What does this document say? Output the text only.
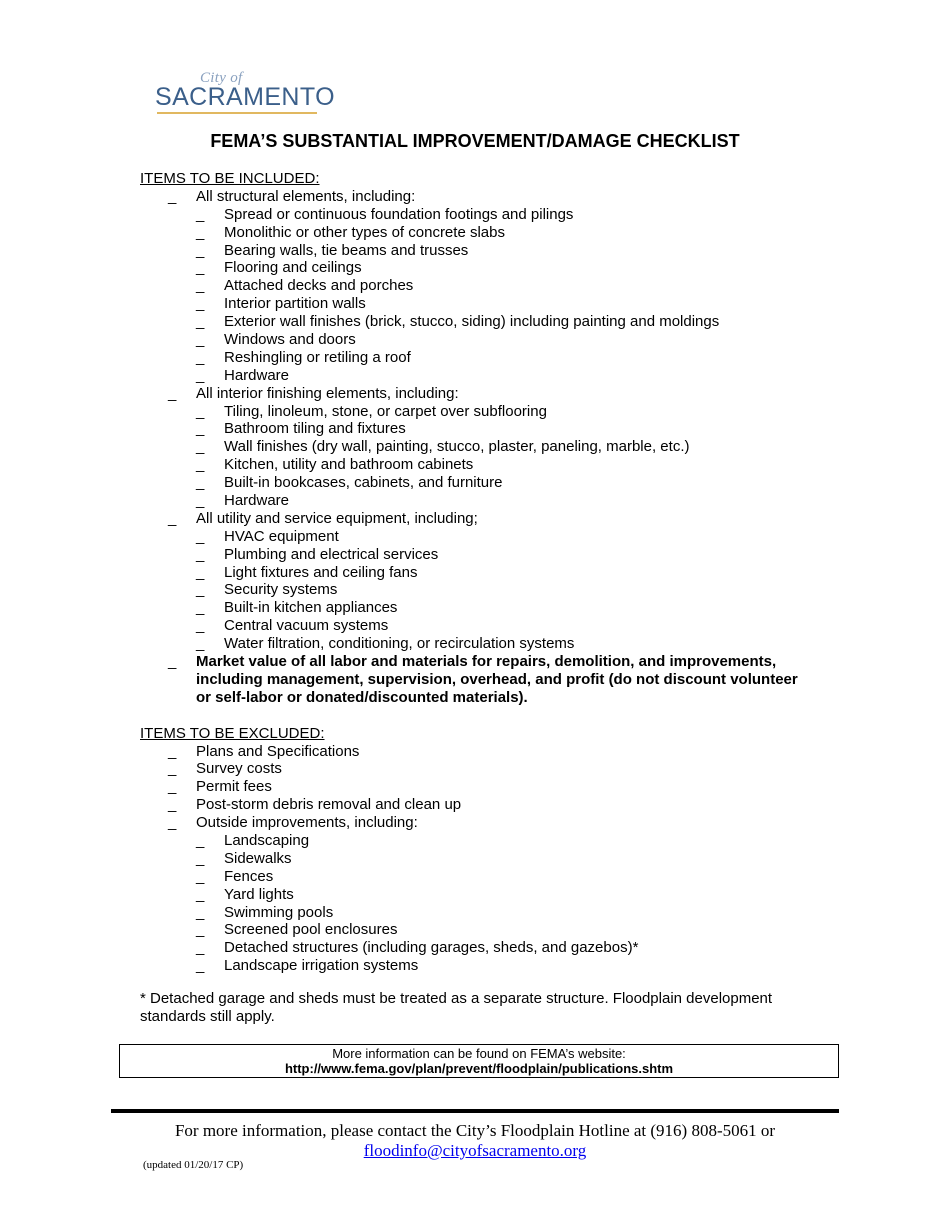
City of
SACRAMENTO
FEMA’S SUBSTANTIAL IMPROVEMENT/DAMAGE CHECKLIST
ITEMS TO BE INCLUDED:
_ All structural elements, including:
_ Spread or continuous foundation footings and pilings
_ Monolithic or other types of concrete slabs
_ Bearing walls, tie beams and trusses
_ Flooring and ceilings
_ Attached decks and porches
_ Interior partition walls
_ Exterior wall finishes (brick, stucco, siding) including painting and moldings
_ Windows and doors
_ Reshingling or retiling a roof
_ Hardware
_ All interior finishing elements, including:
_ Tiling, linoleum, stone, or carpet over subflooring
_ Bathroom tiling and fixtures
_ Wall finishes (dry wall, painting, stucco, plaster, paneling, marble, etc.)
_ Kitchen, utility and bathroom cabinets
_ Built-in bookcases, cabinets, and furniture
_ Hardware
_ All utility and service equipment, including;
_ HVAC equipment
_ Plumbing and electrical services
_ Light fixtures and ceiling fans
_ Security systems
_ Built-in kitchen appliances
_ Central vacuum systems
_ Water filtration, conditioning, or recirculation systems
_ Market value of all labor and materials for repairs, demolition, and improvements, including management, supervision, overhead, and profit (do not discount volunteer or self-labor or donated/discounted materials).
ITEMS TO BE EXCLUDED:
_ Plans and Specifications
_ Survey costs
_ Permit fees
_ Post-storm debris removal and clean up
_ Outside improvements, including:
_ Landscaping
_ Sidewalks
_ Fences
_ Yard lights
_ Swimming pools
_ Screened pool enclosures
_ Detached structures (including garages, sheds, and gazebos)*
_ Landscape irrigation systems
* Detached garage and sheds must be treated as a separate structure. Floodplain development standards still apply.
More information can be found on FEMA’s website:
http://www.fema.gov/plan/prevent/floodplain/publications.shtm
For more information, please contact the City’s Floodplain Hotline at (916) 808-5061 or
floodinfo@cityofsacramento.org
(updated 01/20/17 CP)
